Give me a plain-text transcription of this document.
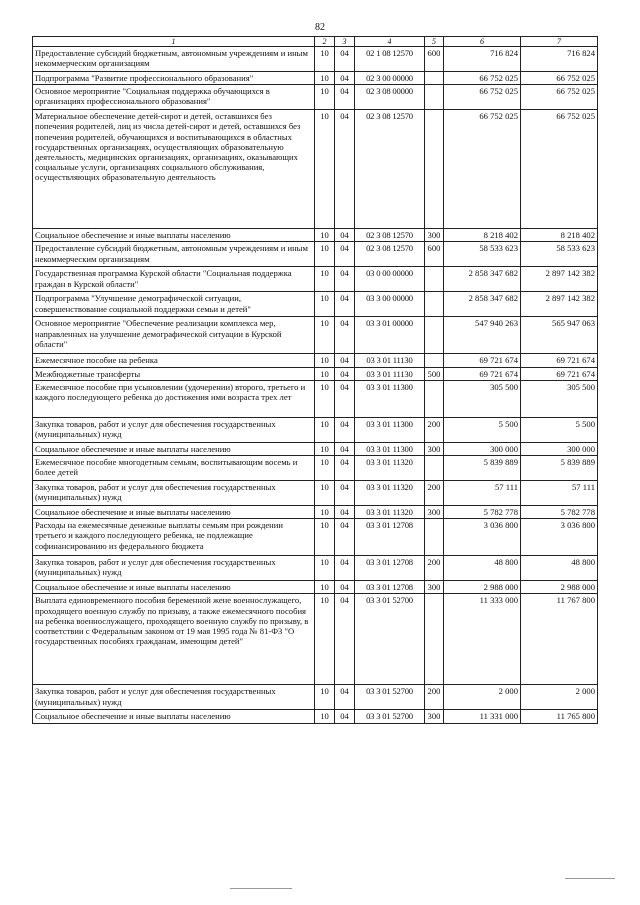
82
1	2	3	4	5	6	7
Предоставление субсидий бюджетным, автономным учреждениям и иным некоммерческим организациям	10	04	02 1 08 12570	600	716 824	716 824
Подпрограмма "Развитие профессионального образования"	10	04	02 3 00 00000		66 752 025	66 752 025
Основное мероприятие "Социальная поддержка обучающихся в организациях профессионального образования"	10	04	02 3 08 00000		66 752 025	66 752 025
Материальное обеспечение детей-сирот и детей, оставшихся без попечения родителей, лиц из числа детей-сирот и детей, оставшихся без попечения родителей, обучающихся и воспитывающихся в областных государственных организациях, осуществляющих образовательную деятельность, медицинских организациях, организациях, оказывающих социальные услуги, организациях социального обслуживания, осуществляющих образовательную деятельность	10	04	02 3 08 12570		66 752 025	66 752 025
Социальное обеспечение и иные выплаты населению	10	04	02 3 08 12570	300	8 218 402	8 218 402
Предоставление субсидий бюджетным, автономным учреждениям и иным некоммерческим организациям	10	04	02 3 08 12570	600	58 533 623	58 533 623
Государственная программа Курской области "Социальная поддержка граждан в Курской области"	10	04	03 0 00 00000		2 858 347 682	2 897 142 382
Подпрограмма "Улучшение демографической ситуации, совершенствование социальной поддержки семьи и детей"	10	04	03 3 00 00000		2 858 347 682	2 897 142 382
Основное мероприятие "Обеспечение реализации комплекса мер, направленных на улучшение демографической ситуации в Курской области"	10	04	03 3 01 00000		547 940 263	565 947 063
Ежемесячное пособие на ребенка	10	04	03 3 01 11130		69 721 674	69 721 674
Межбюджетные трансферты	10	04	03 3 01 11130	500	69 721 674	69 721 674
Ежемесячное пособие при усыновлении (удочерении) второго, третьего и каждого последующего ребенка до достижения ими возраста трех лет	10	04	03 3 01 11300		305 500	305 500
Закупка товаров, работ и услуг для обеспечения государственных (муниципальных) нужд	10	04	03 3 01 11300	200	5 500	5 500
Социальное обеспечение и иные выплаты населению	10	04	03 3 01 11300	300	300 000	300 000
Ежемесячное пособие многодетным семьям, воспитывающим восемь и более детей	10	04	03 3 01 11320		5 839 889	5 839 889
Закупка товаров, работ и услуг для обеспечения государственных (муниципальных) нужд	10	04	03 3 01 11320	200	57 111	57 111
Социальное обеспечение и иные выплаты населению	10	04	03 3 01 11320	300	5 782 778	5 782 778
Расходы на ежемесячные денежные выплаты семьям при рождении третьего и каждого последующего ребенка, не подлежащие софинансированию из федерального бюджета	10	04	03 3 01 12708		3 036 800	3 036 800
Закупка товаров, работ и услуг для обеспечения государственных (муниципальных) нужд	10	04	03 3 01 12708	200	48 800	48 800
Социальное обеспечение и иные выплаты населению	10	04	03 3 01 12708	300	2 988 000	2 988 000
Выплата единовременного пособия беременной жене военнослужащего, проходящего военную службу по призыву, а также ежемесячного пособия на ребенка военнослужащего, проходящего военную службу по призыву, в соответствии с Федеральным законом от 19 мая 1995 года № 81-ФЗ "О государственных пособиях гражданам, имеющим детей"	10	04	03 3 01 52700		11 333 000	11 767 800
Закупка товаров, работ и услуг для обеспечения государственных (муниципальных) нужд	10	04	03 3 01 52700	200	2 000	2 000
Социальное обеспечение и иные выплаты населению	10	04	03 3 01 52700	300	11 331 000	11 765 800
